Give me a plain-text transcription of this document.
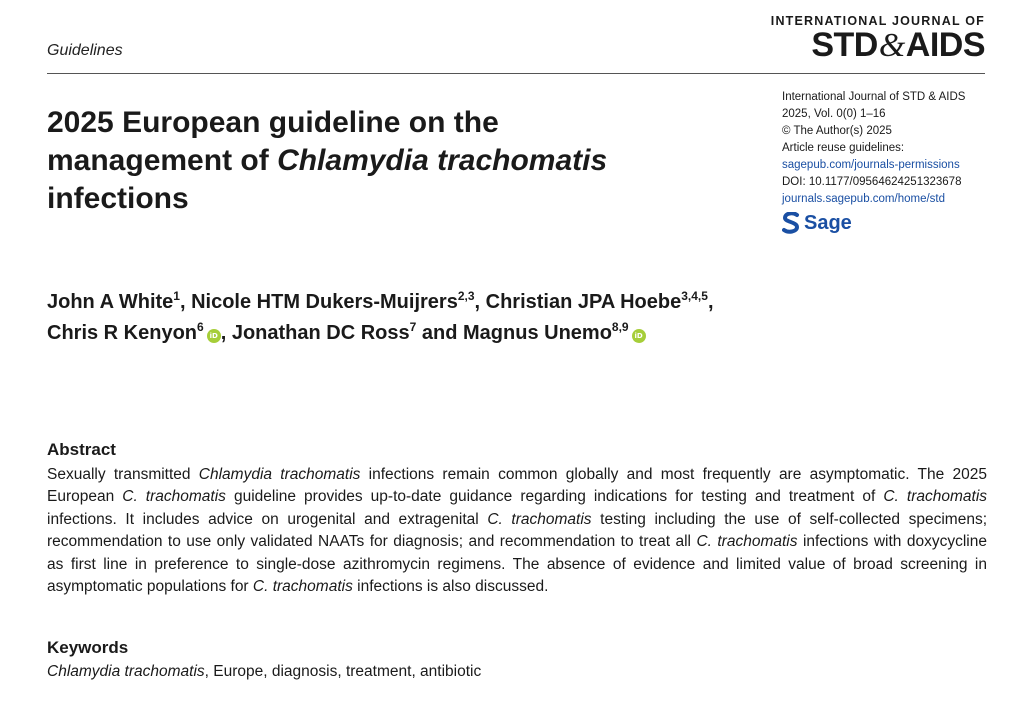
Guidelines
INTERNATIONAL JOURNAL OF
STD&AIDS
2025 European guideline on the
management of Chlamydia trachomatis
infections
International Journal of STD & AIDS
2025, Vol. 0(0) 1–16
© The Author(s) 2025
Article reuse guidelines:
sagepub.com/journals-permissions
DOI: 10.1177/09564624251323678
journals.sagepub.com/home/std
Sage
John A White$^1$, Nicole HTM Dukers-Muijrers$^{2,3}$, Christian JPA Hoebe$^{3,4,5}$, Chris R Kenyon$^6$iD , Jonathan DC Ross$^7$ and Magnus Unemo$^{8,9}$iD
Abstract
Sexually transmitted Chlamydia trachomatis infections remain common globally and most frequently are asymptomatic. The 2025 European C. trachomatis guideline provides up-to-date guidance regarding indications for testing and treatment of C. trachomatis infections. It includes advice on urogenital and extragenital C. trachomatis testing including the use of self-collected specimens; recommendation to use only validated NAATs for diagnosis; and recommendation to treat all C. trachomatis infections with doxycycline as first line in preference to single-dose azithromycin regimens. The absence of evidence and limited value of broad screening in asymptomatic populations for C. trachomatis infections is also discussed.
Keywords
Chlamydia trachomatis, Europe, diagnosis, treatment, antibiotic
